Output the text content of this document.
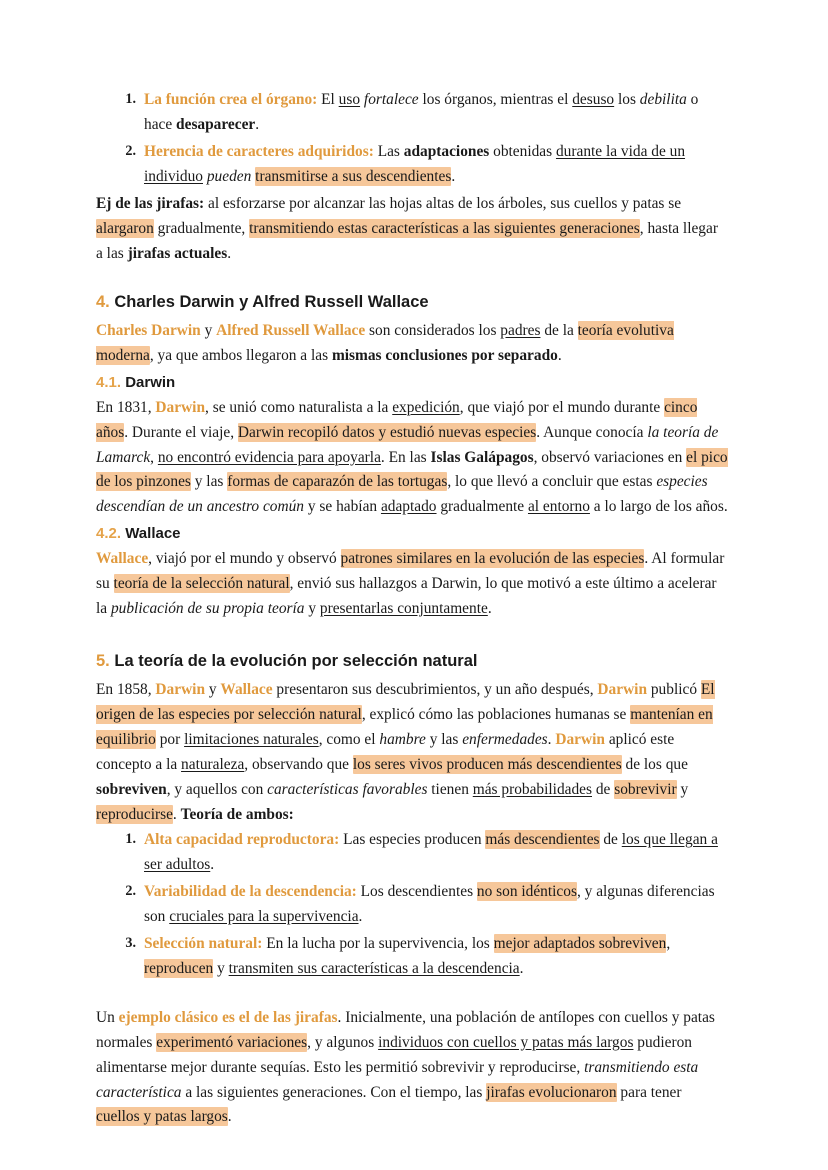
La función crea el órgano: El uso fortalece los órganos, mientras el desuso los debilita o hace desaparecer.
Herencia de caracteres adquiridos: Las adaptaciones obtenidas durante la vida de un individuo pueden transmitirse a sus descendientes.

Ej de las jirafas: al esforzarse por alcanzar las hojas altas de los árboles, sus cuellos y patas se alargaron gradualmente, transmitiendo estas características a las siguientes generaciones, hasta llegar a las jirafas actuales.

4. Charles Darwin y Alfred Russell Wallace

Charles Darwin y Alfred Russell Wallace son considerados los padres de la teoría evolutiva moderna, ya que ambos llegaron a las mismas conclusiones por separado.

4.1. Darwin

En 1831, Darwin, se unió como naturalista a la expedición, que viajó por el mundo durante cinco años. Durante el viaje, Darwin recopiló datos y estudió nuevas especies. Aunque conocía la teoría de Lamarck, no encontró evidencia para apoyarla. En las Islas Galápagos, observó variaciones en el pico de los pinzones y las formas de caparazón de las tortugas, lo que llevó a concluir que estas especies descendían de un ancestro común y se habían adaptado gradualmente al entorno a lo largo de los años.

4.2. Wallace

Wallace, viajó por el mundo y observó patrones similares en la evolución de las especies. Al formular su teoría de la selección natural, envió sus hallazgos a Darwin, lo que motivó a este último a acelerar la publicación de su propia teoría y presentarlas conjuntamente.

5. La teoría de la evolución por selección natural

En 1858, Darwin y Wallace presentaron sus descubrimientos, y un año después, Darwin publicó El origen de las especies por selección natural, explicó cómo las poblaciones humanas se mantenían en equilibrio por limitaciones naturales, como el hambre y las enfermedades. Darwin aplicó este concepto a la naturaleza, observando que los seres vivos producen más descendientes de los que sobreviven, y aquellos con características favorables tienen más probabilidades de sobrevivir y reproducirse. Teoría de ambos:

Alta capacidad reproductora: Las especies producen más descendientes de los que llegan a ser adultos.
Variabilidad de la descendencia: Los descendientes no son idénticos, y algunas diferencias son cruciales para la supervivencia.
Selección natural: En la lucha por la supervivencia, los mejor adaptados sobreviven, reproducen y transmiten sus características a la descendencia.

Un ejemplo clásico es el de las jirafas. Inicialmente, una población de antílopes con cuellos y patas normales experimentó variaciones, y algunos individuos con cuellos y patas más largos pudieron alimentarse mejor durante sequías. Esto les permitió sobrevivir y reproducirse, transmitiendo esta característica a las siguientes generaciones. Con el tiempo, las jirafas evolucionaron para tener cuellos y patas largos.
